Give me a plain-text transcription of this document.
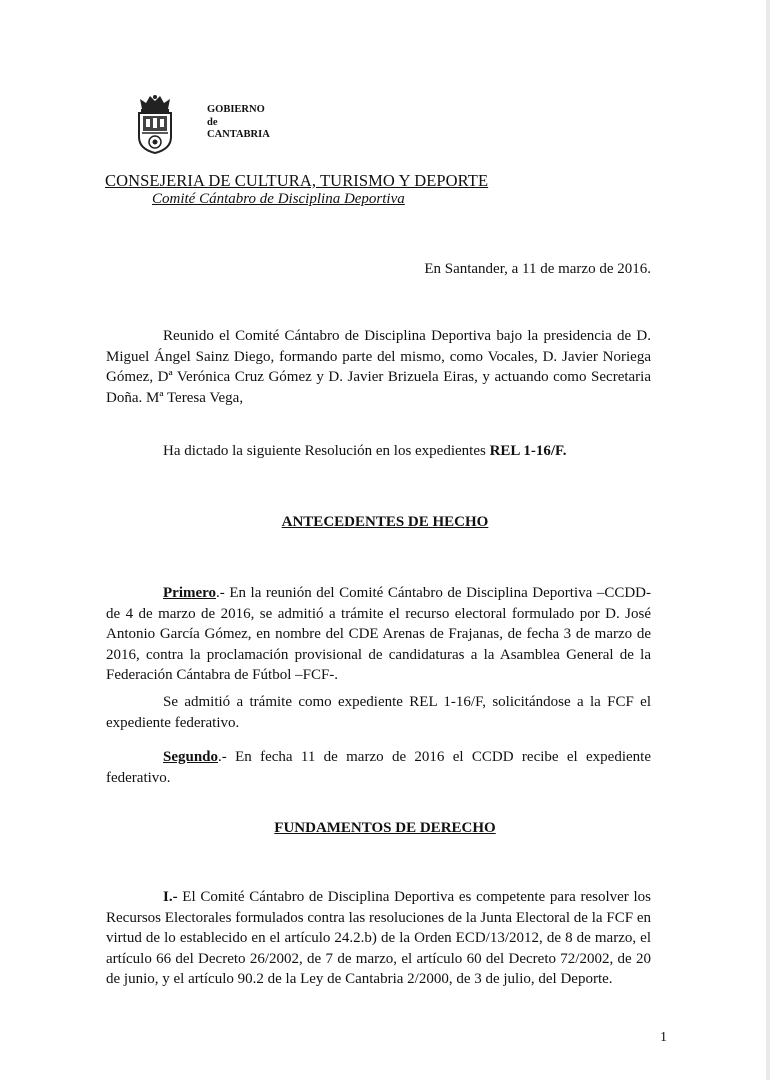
GOBIERNO
de
CANTABRIA
CONSEJERIA DE CULTURA, TURISMO Y DEPORTE
Comité Cántabro de Disciplina Deportiva
En Santander, a 11 de marzo de 2016.
Reunido el Comité Cántabro de Disciplina Deportiva bajo la presidencia de D. Miguel Ángel Sainz Diego, formando parte del mismo, como Vocales, D. Javier Noriega Gómez, Dª Verónica Cruz Gómez y D. Javier Brizuela Eiras, y actuando como Secretaria Doña. Mª Teresa Vega,
Ha dictado la siguiente Resolución en los expedientes REL 1-16/F.
ANTECEDENTES DE HECHO
Primero.- En la reunión del Comité Cántabro de Disciplina Deportiva –CCDD- de 4 de marzo de 2016, se admitió a trámite el recurso electoral formulado por D. José Antonio García Gómez, en nombre del CDE Arenas de Frajanas, de fecha 3 de marzo de 2016, contra la proclamación provisional de candidaturas a la Asamblea General de la Federación Cántabra de Fútbol –FCF-.
Se admitió a trámite como expediente REL 1-16/F, solicitándose a la FCF el expediente federativo.
Segundo.- En fecha 11 de marzo de 2016 el CCDD recibe el expediente federativo.
FUNDAMENTOS DE DERECHO
I.- El Comité Cántabro de Disciplina Deportiva es competente para resolver los Recursos Electorales formulados contra las resoluciones de la Junta Electoral de la FCF en virtud de lo establecido en el artículo 24.2.b) de la Orden ECD/13/2012, de 8 de marzo, el artículo 66 del Decreto 26/2002, de 7 de marzo, el artículo 60 del Decreto 72/2002, de 20 de junio, y el artículo 90.2 de la Ley de Cantabria 2/2000, de 3 de julio, del Deporte.
1
